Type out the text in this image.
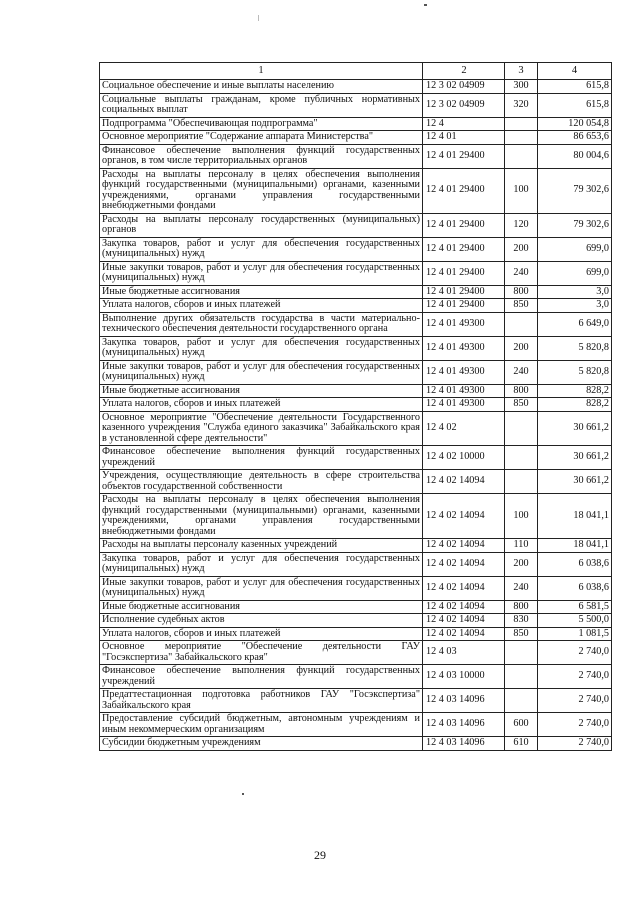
1	2	3	4
Социальное обеспечение и иные выплаты населению	12 3 02 04909	300	615,8
Социальные выплаты гражданам, кроме публичных нормативных социальных выплат	12 3 02 04909	320	615,8
Подпрограмма "Обеспечивающая подпрограмма"	12 4		120 054,8
Основное мероприятие "Содержание аппарата Министерства"	12 4 01		86 653,6
Финансовое обеспечение выполнения функций государственных органов, в том числе территориальных органов	12 4 01 29400		80 004,6
Расходы на выплаты персоналу в целях обеспечения выполнения функций государственными (муниципальными) органами, казенными учреждениями, органами управления государственными внебюджетными фондами	12 4 01 29400	100	79 302,6
Расходы на выплаты персоналу государственных (муниципальных) органов	12 4 01 29400	120	79 302,6
Закупка товаров, работ и услуг для обеспечения государственных (муниципальных) нужд	12 4 01 29400	200	699,0
Иные закупки товаров, работ и услуг для обеспечения государственных (муниципальных) нужд	12 4 01 29400	240	699,0
Иные бюджетные ассигнования	12 4 01 29400	800	3,0
Уплата налогов, сборов и иных платежей	12 4 01 29400	850	3,0
Выполнение других обязательств государства в части материально-технического обеспечения деятельности государственного органа	12 4 01 49300		6 649,0
Закупка товаров, работ и услуг для обеспечения государственных (муниципальных) нужд	12 4 01 49300	200	5 820,8
Иные закупки товаров, работ и услуг для обеспечения государственных (муниципальных) нужд	12 4 01 49300	240	5 820,8
Иные бюджетные ассигнования	12 4 01 49300	800	828,2
Уплата налогов, сборов и иных платежей	12 4 01 49300	850	828,2
Основное мероприятие "Обеспечение деятельности Государственного казенного учреждения "Служба единого заказчика" Забайкальского края в установленной сфере деятельности"	12 4 02		30 661,2
Финансовое обеспечение выполнения функций государственных учреждений	12 4 02 10000		30 661,2
Учреждения, осуществляющие деятельность в сфере строительства объектов государственной собственности	12 4 02 14094		30 661,2
Расходы на выплаты персоналу в целях обеспечения выполнения функций государственными (муниципальными) органами, казенными учреждениями, органами управления государственными внебюджетными фондами	12 4 02 14094	100	18 041,1
Расходы на выплаты персоналу казенных учреждений	12 4 02 14094	110	18 041,1
Закупка товаров, работ и услуг для обеспечения государственных (муниципальных) нужд	12 4 02 14094	200	6 038,6
Иные закупки товаров, работ и услуг для обеспечения государственных (муниципальных) нужд	12 4 02 14094	240	6 038,6
Иные бюджетные ассигнования	12 4 02 14094	800	6 581,5
Исполнение судебных актов	12 4 02 14094	830	5 500,0
Уплата налогов, сборов и иных платежей	12 4 02 14094	850	1 081,5
Основное мероприятие "Обеспечение деятельности ГАУ "Госэкспертиза" Забайкальского края"	12 4 03		2 740,0
Финансовое обеспечение выполнения функций государственных учреждений	12 4 03 10000		2 740,0
Предаттестационная подготовка работников ГАУ "Госэкспертиза" Забайкальского края	12 4 03 14096		2 740,0
Предоставление субсидий бюджетным, автономным учреждениям и иным некоммерческим организациям	12 4 03 14096	600	2 740,0
Субсидии бюджетным учреждениям	12 4 03 14096	610	2 740,0
29
